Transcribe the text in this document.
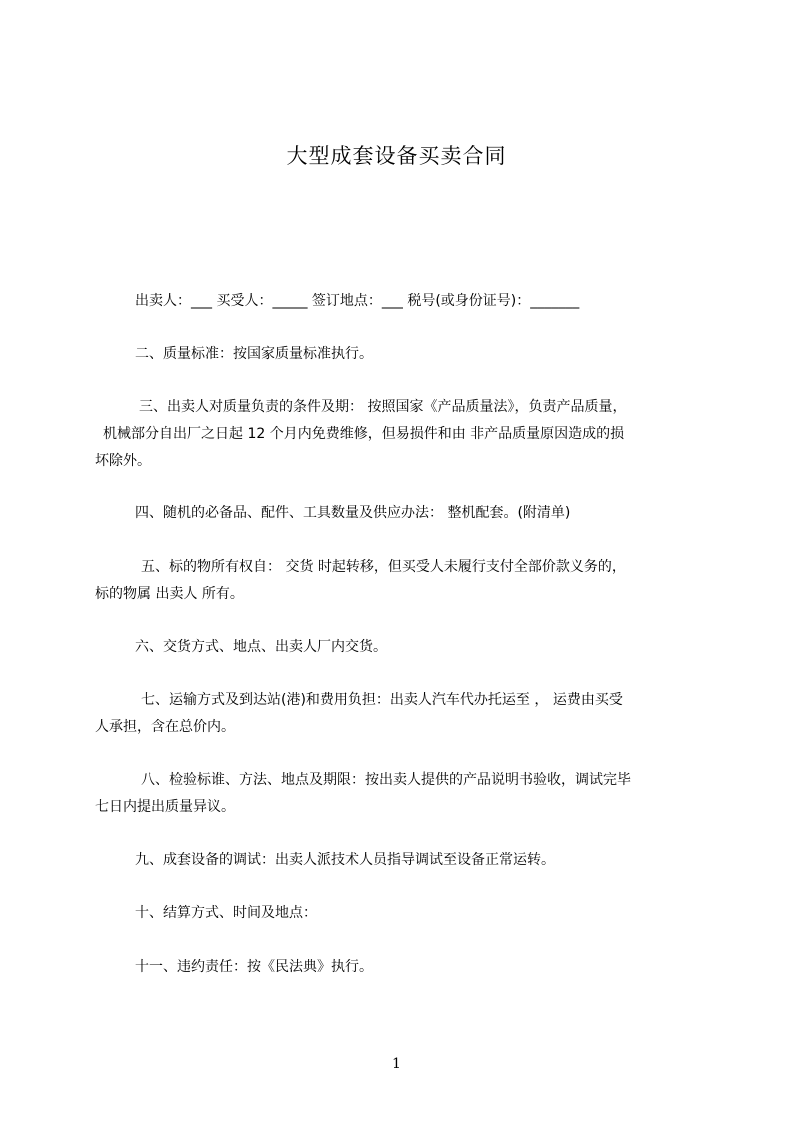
大型成套设备买卖合同
出卖人：___ 买受人：_____ 签订地点：___ 税号(或身份证号)：_______
二、质量标准：按国家质量标准执行。
三、出卖人对质量负责的条件及期： 按照国家《产品质量法》，负责产品质量，
机械部分自出厂之日起 12 个月内免费维修，但易损件和由 非产品质量原因造成的损
坏除外。
四、随机的必备品、配件、工具数量及供应办法： 整机配套。(附清单)
五、标的物所有权自： 交货 时起转移，但买受人未履行支付全部价款义务的，
标的物属 出卖人 所有。
六、交货方式、地点、出卖人厂内交货。
七、运输方式及到达站(港)和费用负担：出卖人汽车代办托运至 ， 运费由买受
人承担，含在总价内。
八、检验标谁、方法、地点及期限：按出卖人提供的产品说明书验收，调试完毕
七日内提出质量异议。
九、成套设备的调试：出卖人派技术人员指导调试至设备正常运转。
十、结算方式、时间及地点：
十一、违约责任：按《民法典》执行。
1
